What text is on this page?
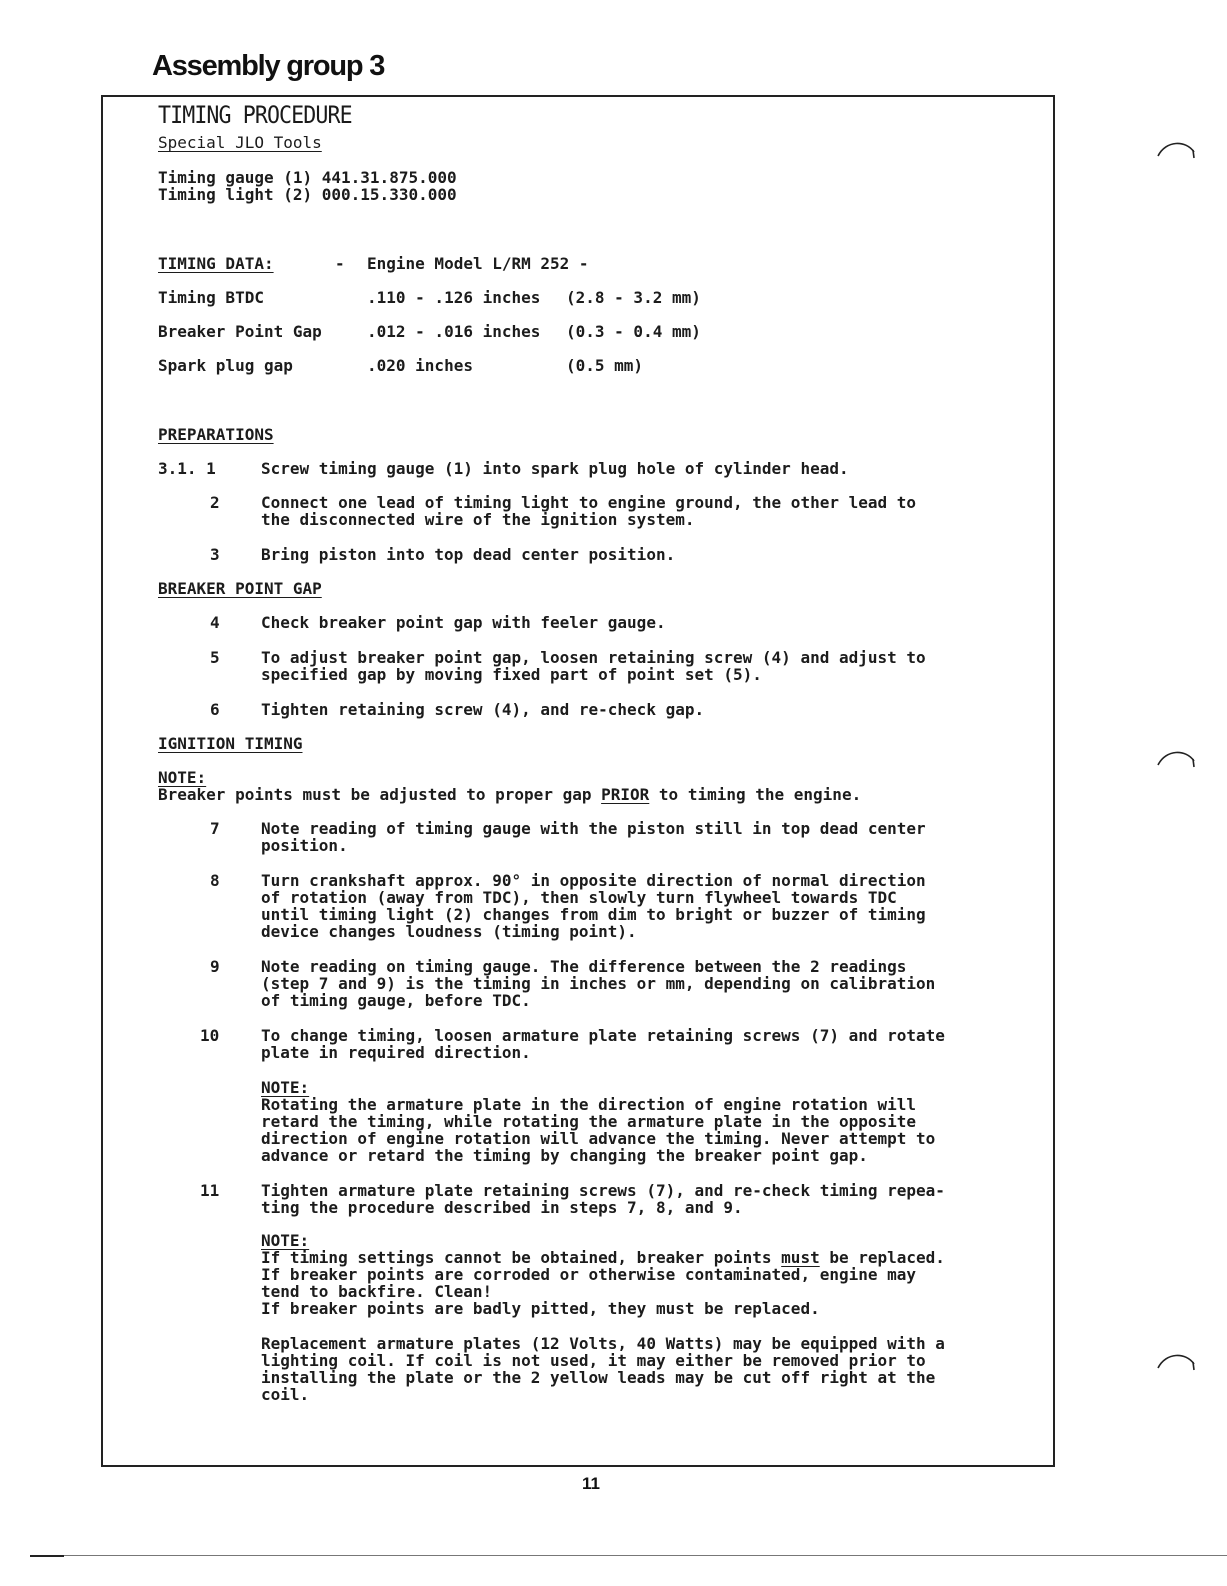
Assembly group 3
TIMING PROCEDURE
Special JLO Tools
Timing gauge (1) 441.31.875.000
Timing light (2) 000.15.330.000
TIMING DATA:	- Engine Model L/RM 252 -
Timing BTDC	.110 - .126 inches (2.8 - 3.2 mm)
Breaker Point Gap	.012 - .016 inches (0.3 - 0.4 mm)
Spark plug gap	.020 inches	(0.5 mm)
PREPARATIONS
3.1. 1	Screw timing gauge (1) into spark plug hole of cylinder head.
2	Connect one lead of timing light to engine ground, the other lead to
the disconnected wire of the ignition system.
3	Bring piston into top dead center position.
BREAKER POINT GAP
4	Check breaker point gap with feeler gauge.
5	To adjust breaker point gap, loosen retaining screw (4) and adjust to
specified gap by moving fixed part of point set (5).
6	Tighten retaining screw (4), and re-check gap.
IGNITION TIMING
NOTE:
Breaker points must be adjusted to proper gap PRIOR to timing the engine.
7	Note reading of timing gauge with the piston still in top dead center
position.
8	Turn crankshaft approx. 90° in opposite direction of normal direction
of rotation (away from TDC), then slowly turn flywheel towards TDC
until timing light (2) changes from dim to bright or buzzer of timing
device changes loudness (timing point).
9	Note reading on timing gauge. The difference between the 2 readings
(step 7 and 9) is the timing in inches or mm, depending on calibration
of timing gauge, before TDC.
10	To change timing, loosen armature plate retaining screws (7) and rotate
plate in required direction.
NOTE:
Rotating the armature plate in the direction of engine rotation will
retard the timing, while rotating the armature plate in the opposite
direction of engine rotation will advance the timing. Never attempt to
advance or retard the timing by changing the breaker point gap.
11	Tighten armature plate retaining screws (7), and re-check timing repea-
ting the procedure described in steps 7, 8, and 9.
NOTE:
If timing settings cannot be obtained, breaker points must be replaced.
If breaker points are corroded or otherwise contaminated, engine may
tend to backfire. Clean!
If breaker points are badly pitted, they must be replaced.
Replacement armature plates (12 Volts, 40 Watts) may be equipped with a
lighting coil. If coil is not used, it may either be removed prior to
installing the plate or the 2 yellow leads may be cut off right at the
coil.
11
